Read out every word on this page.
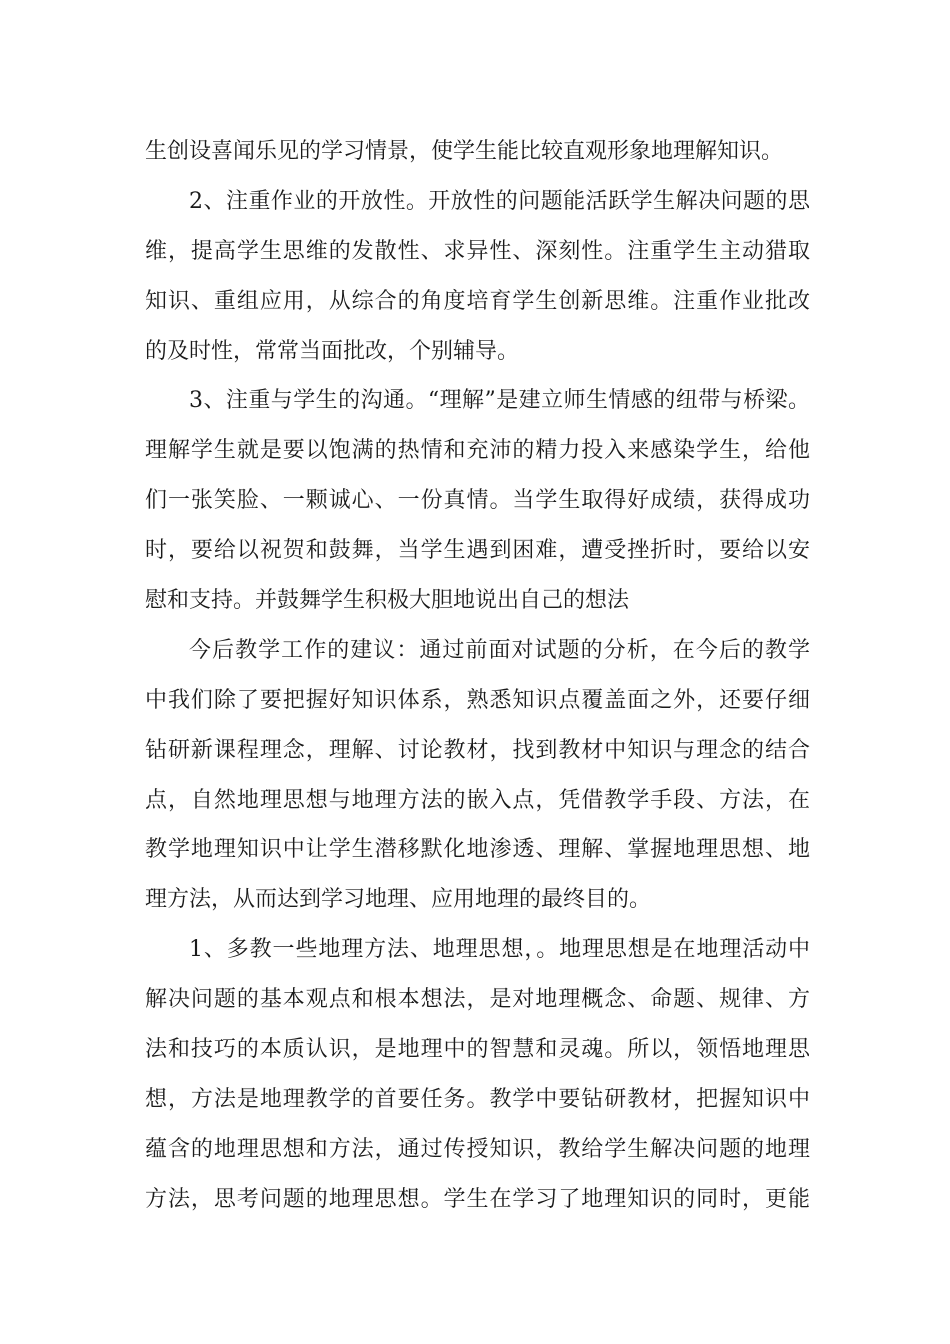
生创设喜闻乐见的学习情景，使学生能比较直观形象地理解知识。
2、注重作业的开放性。开放性的问题能活跃学生解决问题的思
维，提高学生思维的发散性、求异性、深刻性。注重学生主动猎取
知识、重组应用，从综合的角度培育学生创新思维。注重作业批改
的及时性，常常当面批改，个别辅导。
3、注重与学生的沟通。“理解”是建立师生情感的纽带与桥梁。
理解学生就是要以饱满的热情和充沛的精力投入来感染学生，给他
们一张笑脸、一颗诚心、一份真情。当学生取得好成绩，获得成功
时，要给以祝贺和鼓舞，当学生遇到困难，遭受挫折时，要给以安
慰和支持。并鼓舞学生积极大胆地说出自己的想法
今后教学工作的建议：通过前面对试题的分析，在今后的教学
中我们除了要把握好知识体系，熟悉知识点覆盖面之外，还要仔细
钻研新课程理念，理解、讨论教材，找到教材中知识与理念的结合
点，自然地理思想与地理方法的嵌入点，凭借教学手段、方法，在
教学地理知识中让学生潜移默化地渗透、理解、掌握地理思想、地
理方法，从而达到学习地理、应用地理的最终目的。
1、多教一些地理方法、地理思想，。地理思想是在地理活动中
解决问题的基本观点和根本想法，是对地理概念、命题、规律、方
法和技巧的本质认识，是地理中的智慧和灵魂。所以，领悟地理思
想，方法是地理教学的首要任务。教学中要钻研教材，把握知识中
蕴含的地理思想和方法，通过传授知识，教给学生解决问题的地理
方法，思考问题的地理思想。学生在学习了地理知识的同时，更能
